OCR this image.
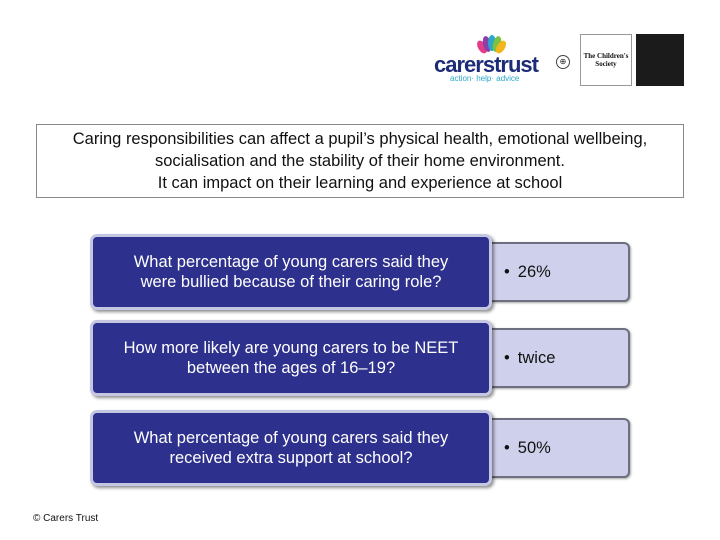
carerstrust
action· help· advice
⊕
The Children's Society
Caring responsibilities can affect a pupil’s physical health, emotional wellbeing,
socialisation and the stability of their home environment.
It can impact on their learning and experience at school
• 26%
What percentage of young carers said they
were bullied because of their caring role?
• twice
How more likely are young carers to be NEET
between the ages of 16–19?
• 50%
What percentage of young carers said they
received extra support at school?
© Carers Trust
